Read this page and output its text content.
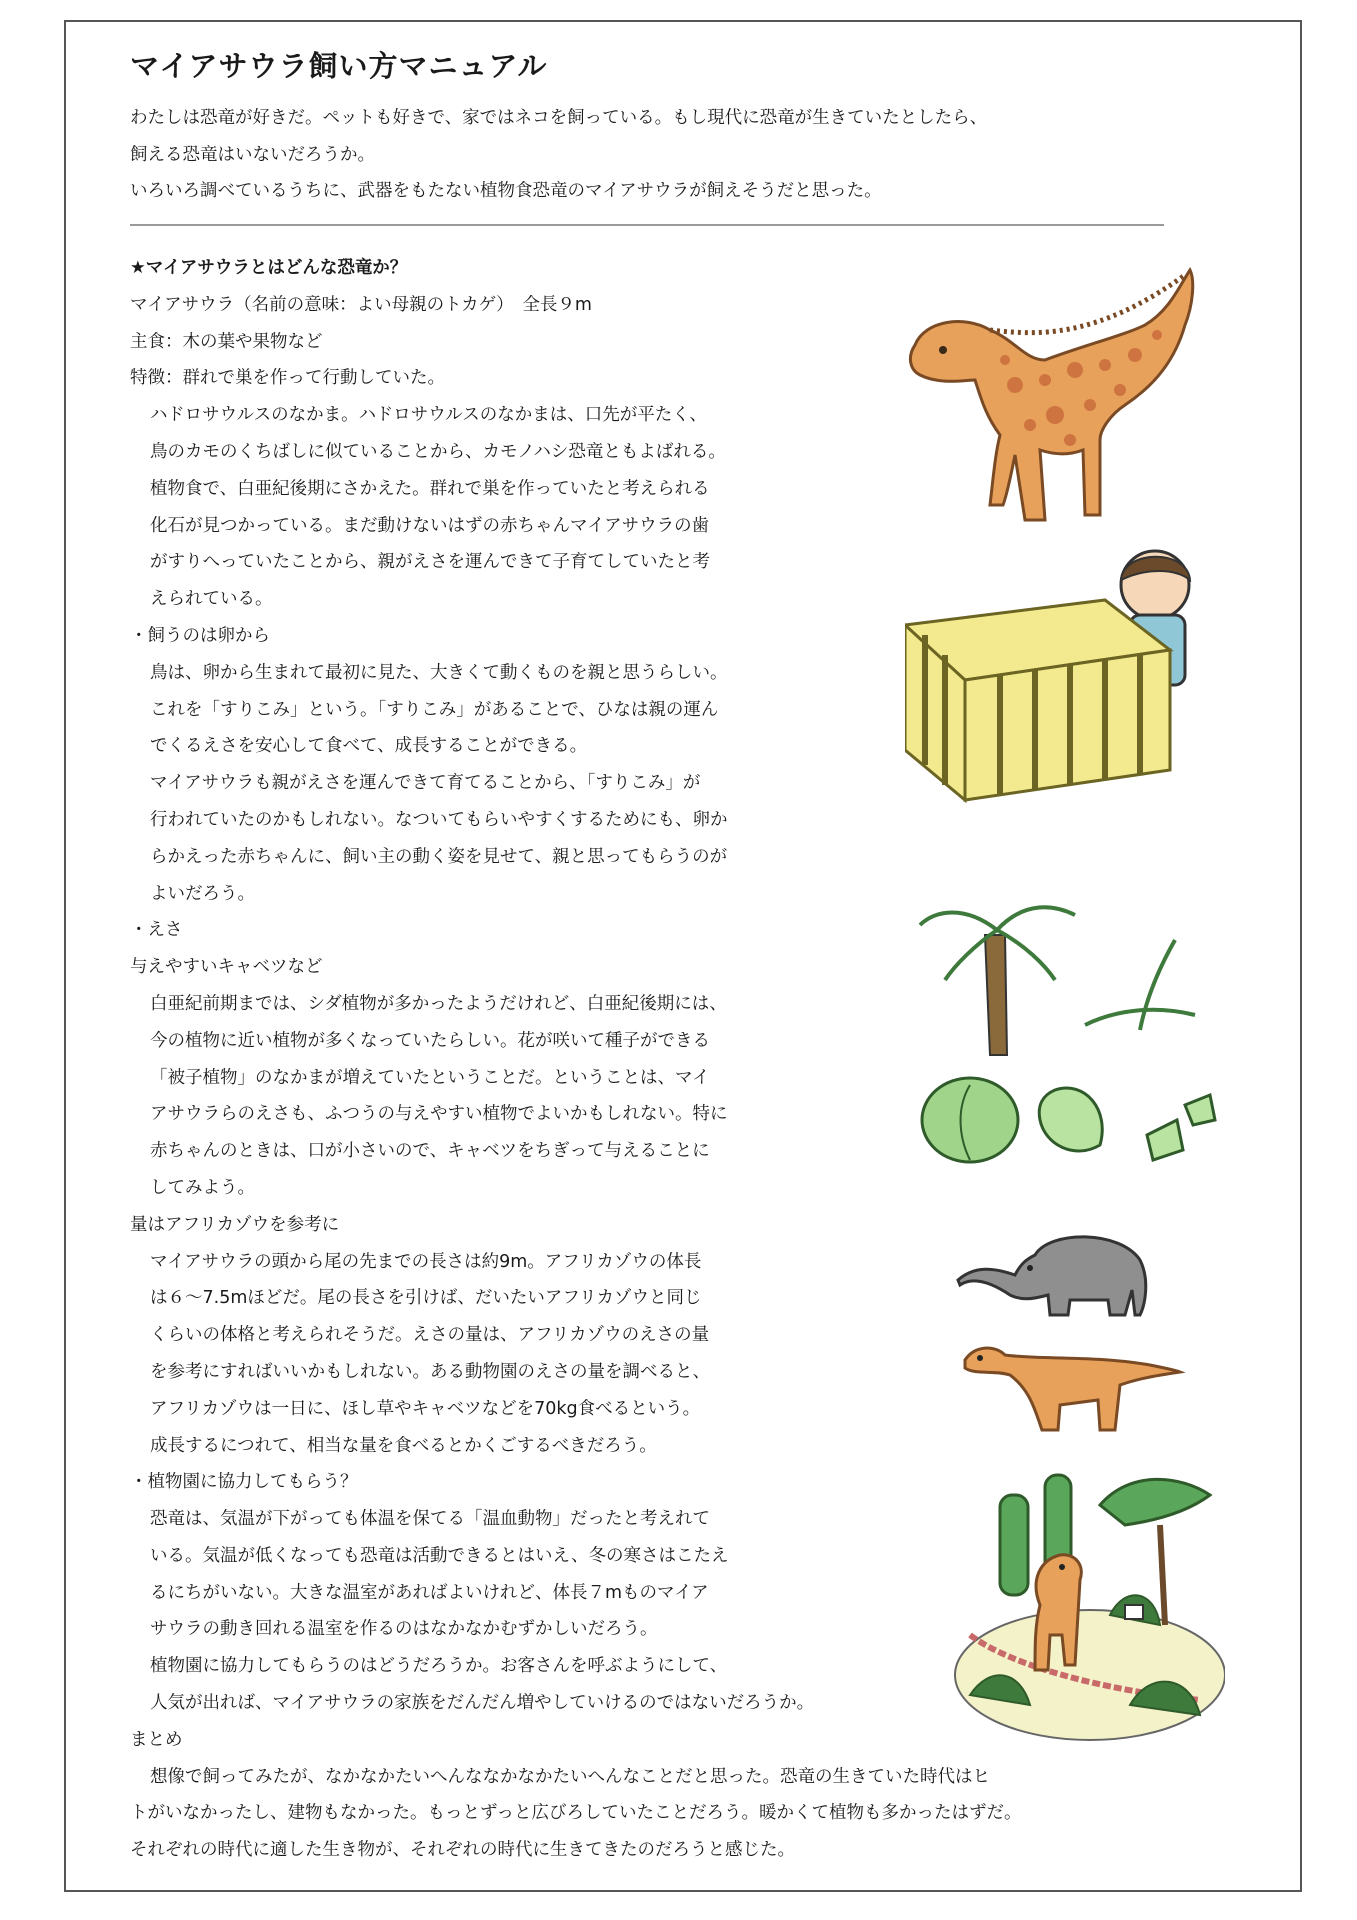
マイアサウラ飼い方マニュアル

わたしは恐竜が好きだ。ペットも好きで、家ではネコを飼っている。もし現代に恐竜が生きていたとしたら、

飼える恐竜はいないだろうか。

いろいろ調べているうちに、武器をもたない植物食恐竜のマイアサウラが飼えそうだと思った。

★マイアサウラとはどんな恐竜か？
マイアサウラ（名前の意味：よい母親のトカゲ）　全長９m
主食：木の葉や果物など
特徴：群れで巣を作って行動していた。
ハドロサウルスのなかま。ハドロサウルスのなかまは、口先が平たく、
鳥のカモのくちばしに似ていることから、カモノハシ恐竜ともよばれる。
植物食で、白亜紀後期にさかえた。群れで巣を作っていたと考えられる
化石が見つかっている。まだ動けないはずの赤ちゃんマイアサウラの歯
がすりへっていたことから、親がえさを運んできて子育てしていたと考
えられている。
・飼うのは卵から
鳥は、卵から生まれて最初に見た、大きくて動くものを親と思うらしい。
これを「すりこみ」という。「すりこみ」があることで、ひなは親の運ん
でくるえさを安心して食べて、成長することができる。
マイアサウラも親がえさを運んできて育てることから、「すりこみ」が
行われていたのかもしれない。なついてもらいやすくするためにも、卵か
らかえった赤ちゃんに、飼い主の動く姿を見せて、親と思ってもらうのが
よいだろう。
・えさ
与えやすいキャベツなど
白亜紀前期までは、シダ植物が多かったようだけれど、白亜紀後期には、
今の植物に近い植物が多くなっていたらしい。花が咲いて種子ができる
「被子植物」のなかまが増えていたということだ。ということは、マイ
アサウラらのえさも、ふつうの与えやすい植物でよいかもしれない。特に
赤ちゃんのときは、口が小さいので、キャベツをちぎって与えることに
してみよう。
量はアフリカゾウを参考に
マイアサウラの頭から尾の先までの長さは約9m。アフリカゾウの体長
は６～7.5mほどだ。尾の長さを引けば、だいたいアフリカゾウと同じ
くらいの体格と考えられそうだ。えさの量は、アフリカゾウのえさの量
を参考にすればいいかもしれない。ある動物園のえさの量を調べると、
アフリカゾウは一日に、ほし草やキャベツなどを70kg食べるという。
成長するにつれて、相当な量を食べるとかくごするべきだろう。
・植物園に協力してもらう？
恐竜は、気温が下がっても体温を保てる「温血動物」だったと考えれて
いる。気温が低くなっても恐竜は活動できるとはいえ、冬の寒さはこたえ
るにちがいない。大きな温室があればよいけれど、体長７mものマイア
サウラの動き回れる温室を作るのはなかなかむずかしいだろう。
植物園に協力してもらうのはどうだろうか。お客さんを呼ぶようにして、
人気が出れば、マイアサウラの家族をだんだん増やしていけるのではないだろうか。
まとめ
想像で飼ってみたが、なかなかたいへんななかなかたいへんなことだと思った。恐竜の生きていた時代はヒ
トがいなかったし、建物もなかった。もっとずっと広びろしていたことだろう。暖かくて植物も多かったはずだ。
それぞれの時代に適した生き物が、それぞれの時代に生きてきたのだろうと感じた。
